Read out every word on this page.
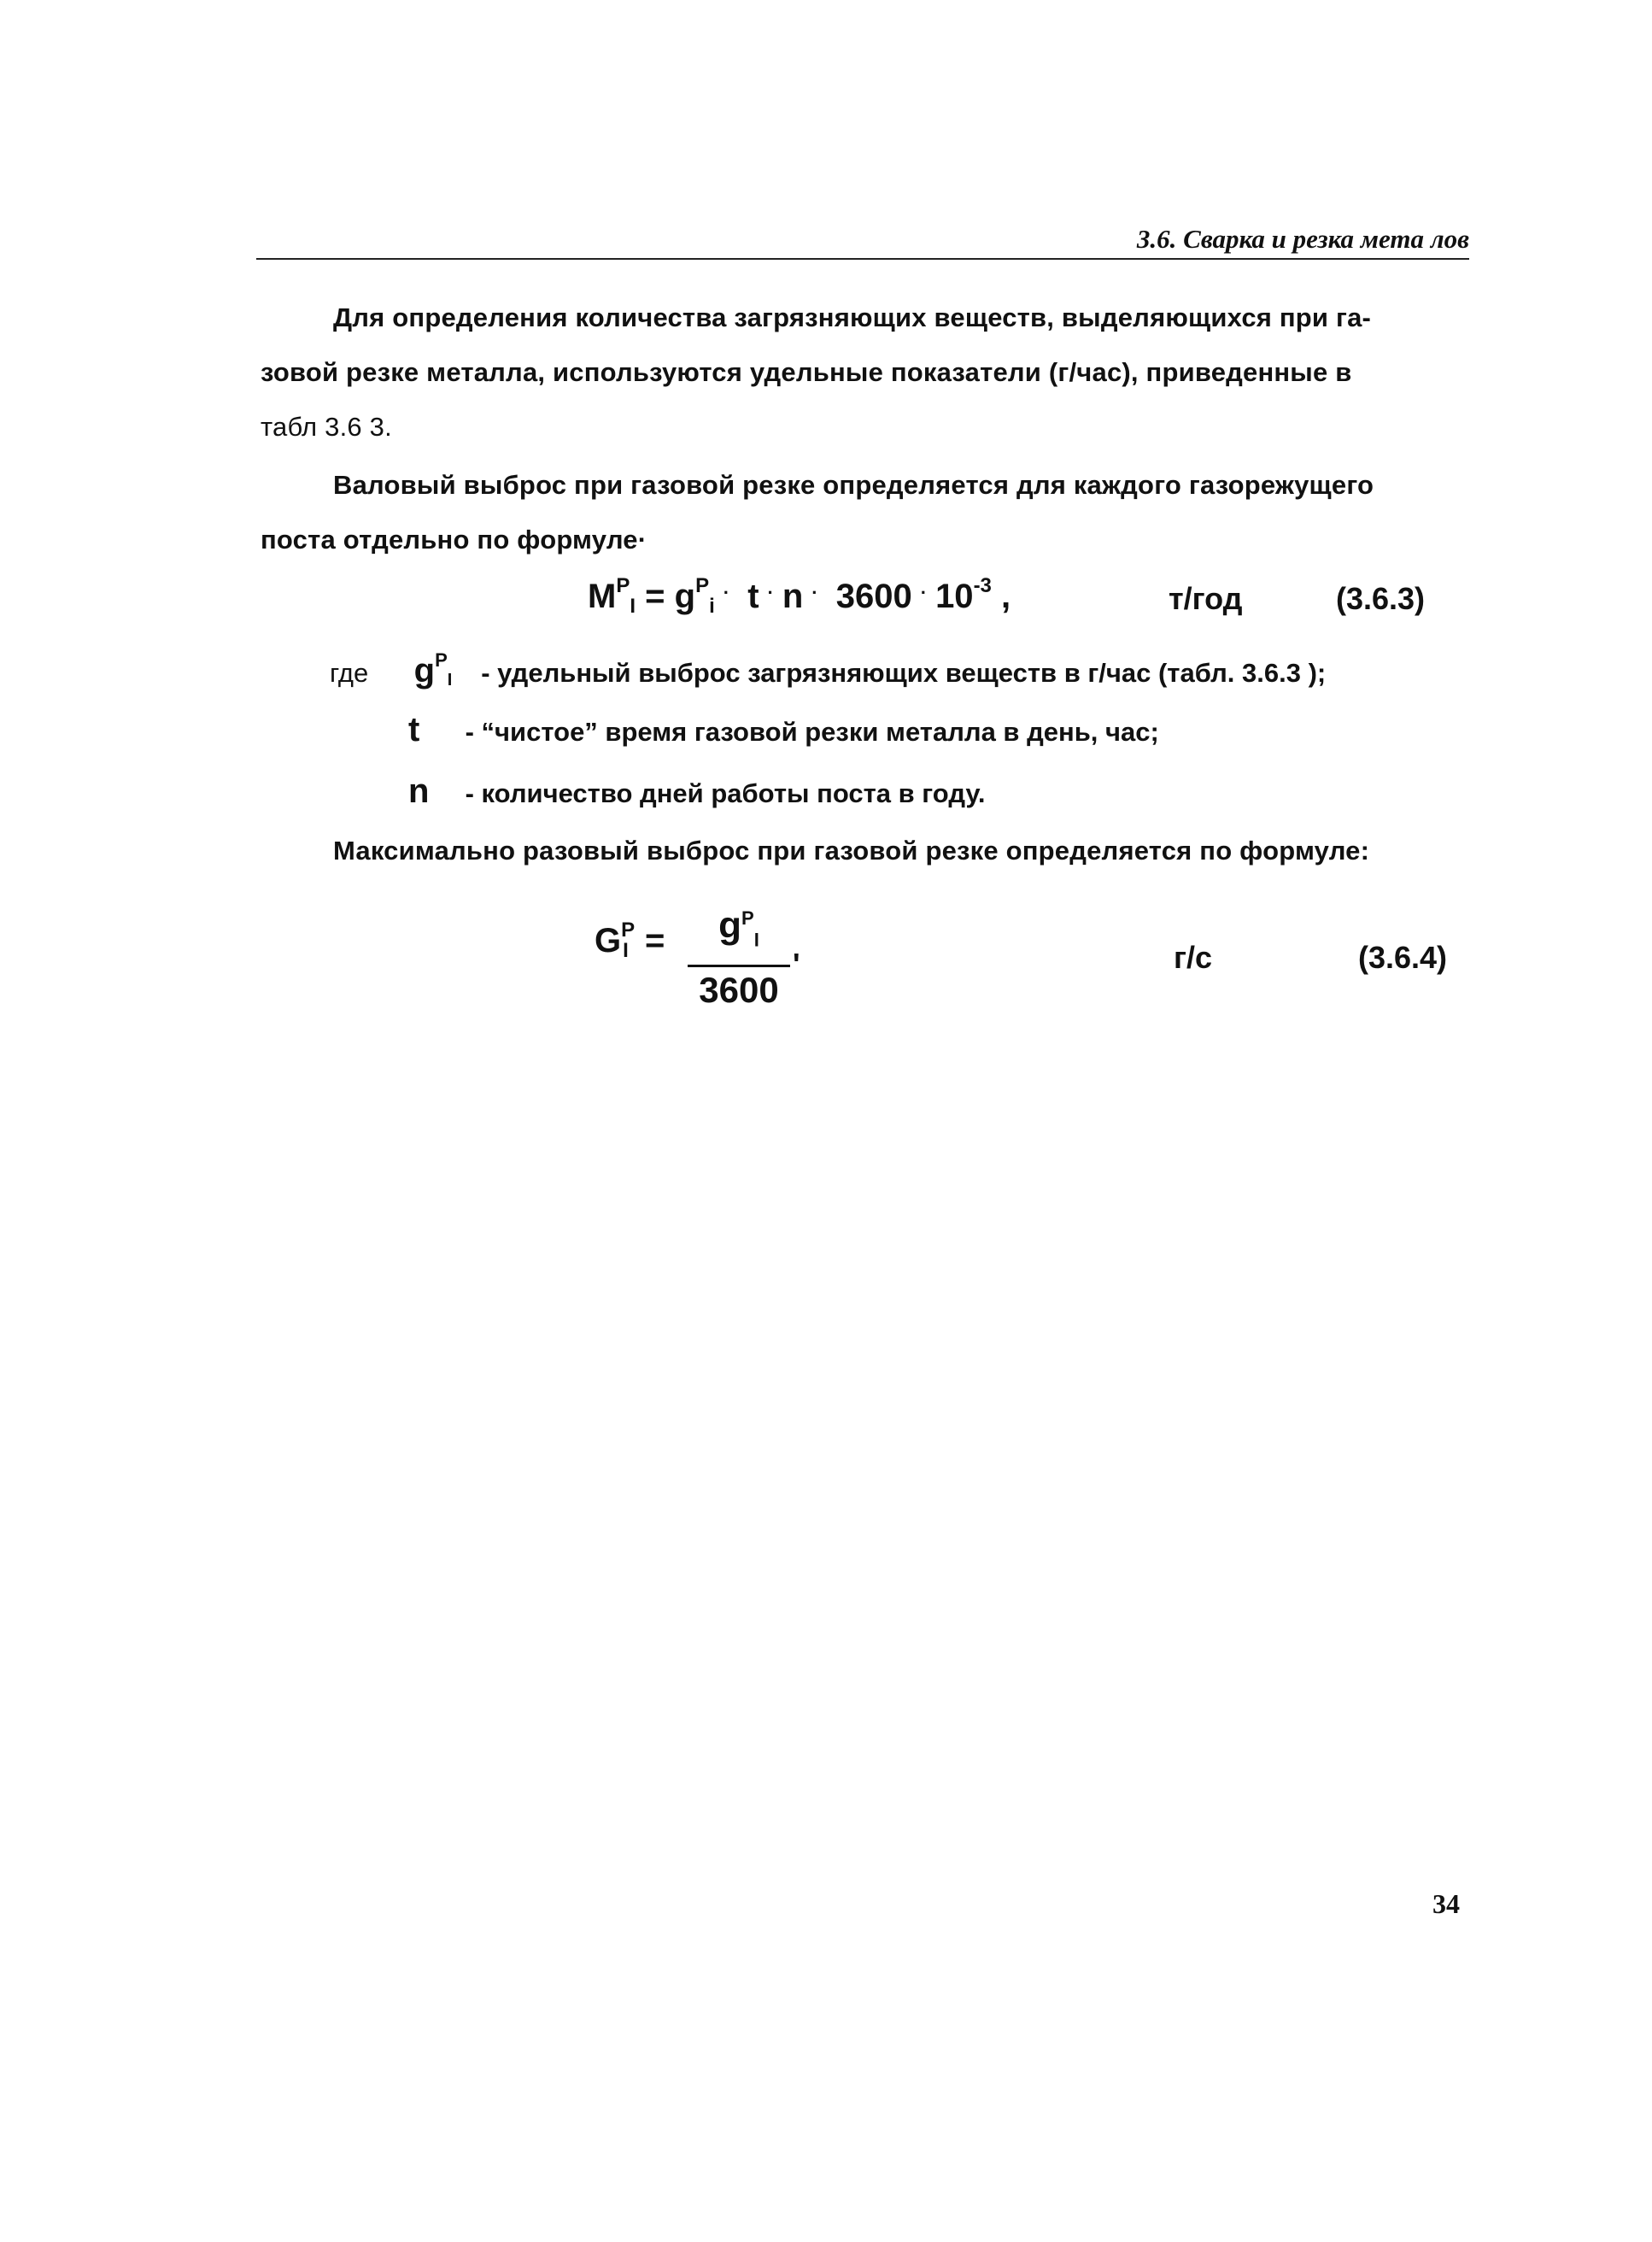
3.6. Сварка и резка мета лов
Для определения количества загрязняющих веществ, выделяющихся при га-
зовой резке металла, используются удельные показатели (г/час), приведенные в
табл 3.6 3.
Валовый выброс при газовой резке определяется для каждого газорежущего
поста отдельно по формуле·
$M^P_I = g^P_i\cdot t \cdot n \cdot 3600 \cdot 10^{-3}$ ,	т/год	(3.6.3)
где $g^P_I$ - удельный выброс загрязняющих веществ в г/час (табл. 3.6.3 );
t - “чистое” время газовой резки металла в день, час;
n - количество дней работы поста в году.
Максимально разовый выброс при газовой резке определяется по формуле:
$G^P_I$ =	$g^P_I$
3600
'	г/с	(3.6.4)
34
